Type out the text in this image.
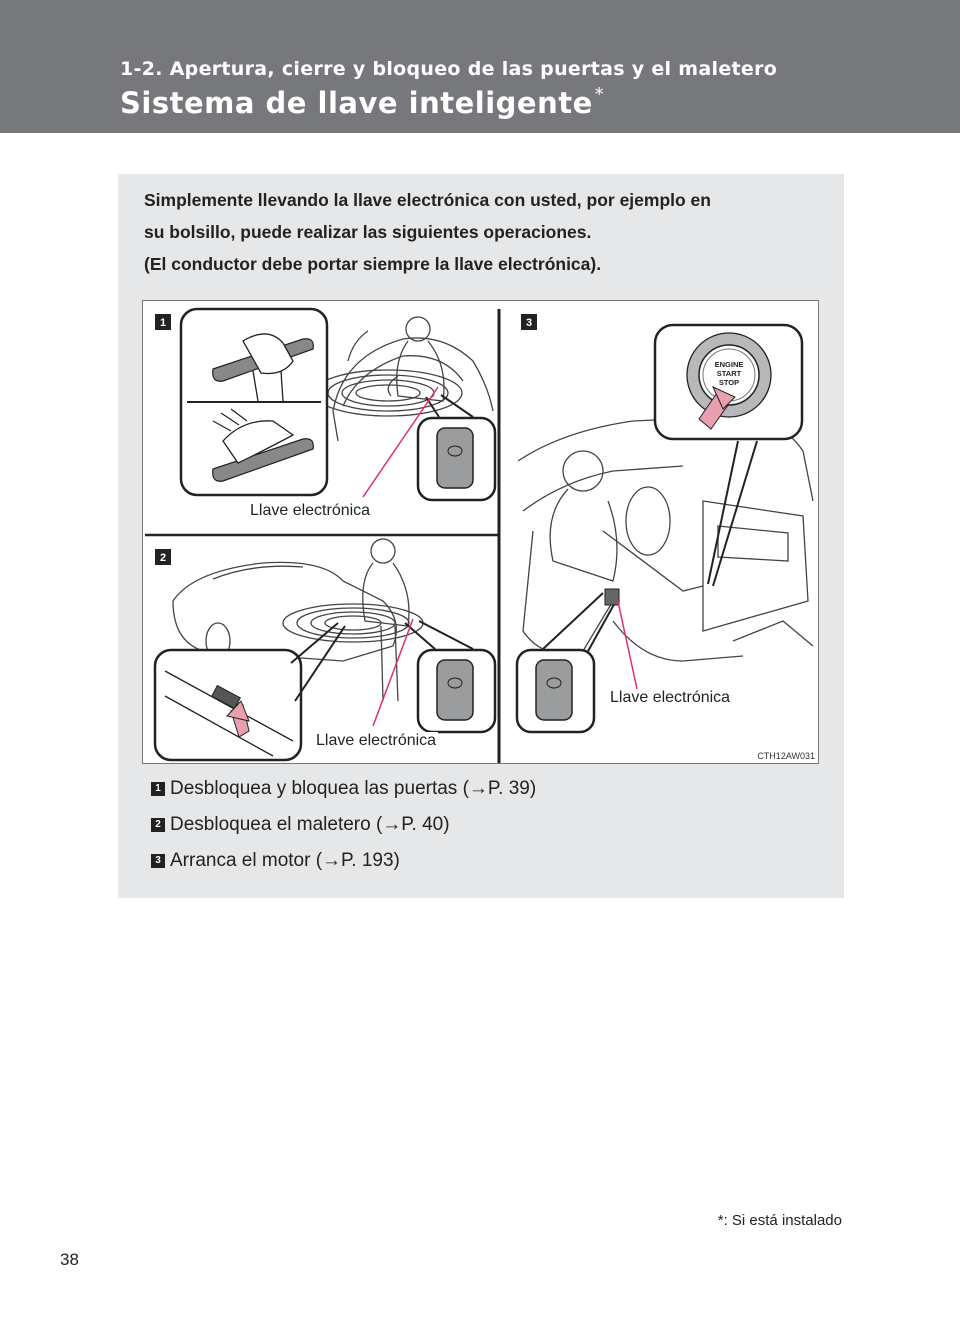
1-2. Apertura, cierre y bloqueo de las puertas y el maletero
Sistema de llave inteligente *

Simplemente llevando la llave electrónica con usted, por ejemplo en

su bolsillo, puede realizar las siguientes operaciones.

(El conductor debe portar siempre la llave electrónica).

1
2
3
ENGINE
START
STOP
Llave electrónica
Llave electrónica
Llave electrónica
CTH12AW031
1 Desbloquea y bloquea las puertas (→P. 39)
2 Desbloquea el maletero (→P. 40)
3 Arranca el motor (→P. 193)
*: Si está instalado
38
